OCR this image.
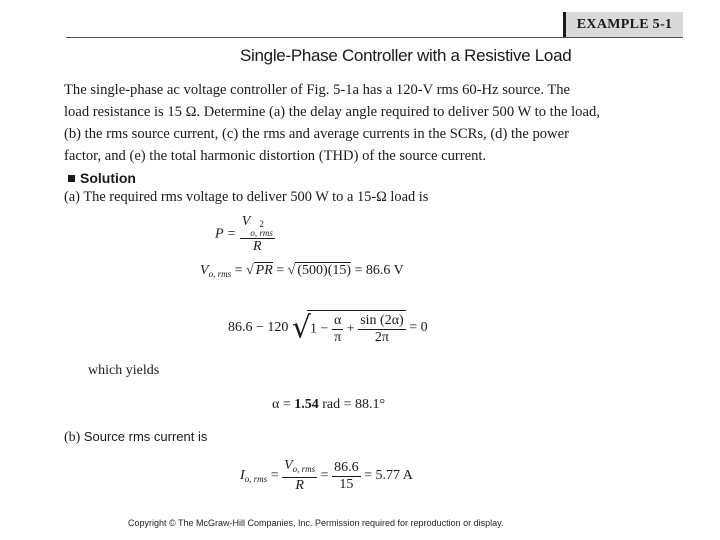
EXAMPLE 5-1
Single-Phase Controller with a Resistive Load
The single-phase ac voltage controller of Fig. 5-1a has a 120-V rms 60-Hz source. The
load resistance is 15 Ω. Determine (a) the delay angle required to deliver 500 W to the load,
(b) the rms source current, (c) the rms and average currents in the SCRs, (d) the power
factor, and (e) the total harmonic distortion (THD) of the source current.
Solution
(a) The required rms voltage to deliver 500 W to a 15-Ω load is
P = V	2
o, rms
R
$V_{o, rms}$ = √ PR = √ (500)(15) = 86.6 V
86.6 − 120 $√1 - \frac{\alpha}{\pi} + \frac{\sin (2\alpha)}{2\pi} = 0$
which yields
α = 1.54 rad = 88.1°
(b) Source rms current is
$I_{o, rms} = \frac{V_{o, rms}}{R} = \frac{86.6}{15} = 5.77$ A
Copyright © The McGraw-Hill Companies, Inc. Permission required for reproduction or display.
